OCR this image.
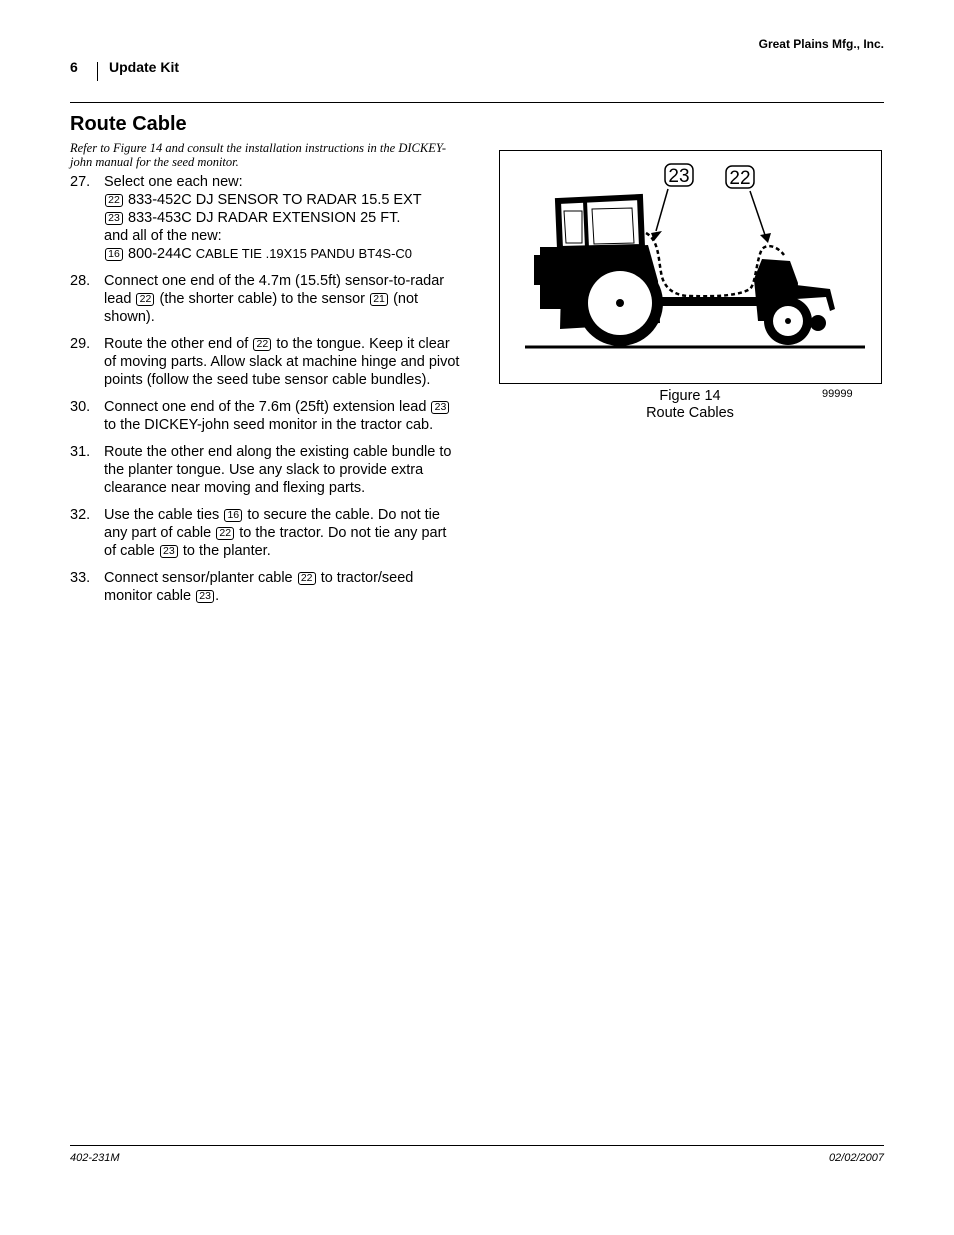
Great Plains Mfg., Inc.
6 Update Kit
Route Cable
Refer to Figure 14 and consult the installation instructions in the DICKEY-john manual for the seed monitor.
27. Select one each new:
22 833-452C DJ SENSOR TO RADAR 15.5 EXT
23 833-453C DJ RADAR EXTENSION 25 FT.
and all of the new:
16 800-244C CABLE TIE .19X15 PANDU BT4S-C0
28. Connect one end of the 4.7m (15.5ft) sensor-to-radar lead 22 (the shorter cable) to the sensor 21 (not shown).
29. Route the other end of 22 to the tongue. Keep it clear of moving parts. Allow slack at machine hinge and pivot points (follow the seed tube sensor cable bundles).
30. Connect one end of the 7.6m (25ft) extension lead 23 to the DICKEY-john seed monitor in the tractor cab.
31. Route the other end along the existing cable bundle to the planter tongue. Use any slack to provide extra clearance near moving and flexing parts.
32. Use the cable ties 16 to secure the cable. Do not tie any part of cable 22 to the tractor. Do not tie any part of cable 23 to the planter.
33. Connect sensor/planter cable 22 to tractor/seed monitor cable 23 .
23 22
Figure 14
Route Cables
99999
402-231M	02/02/2007
